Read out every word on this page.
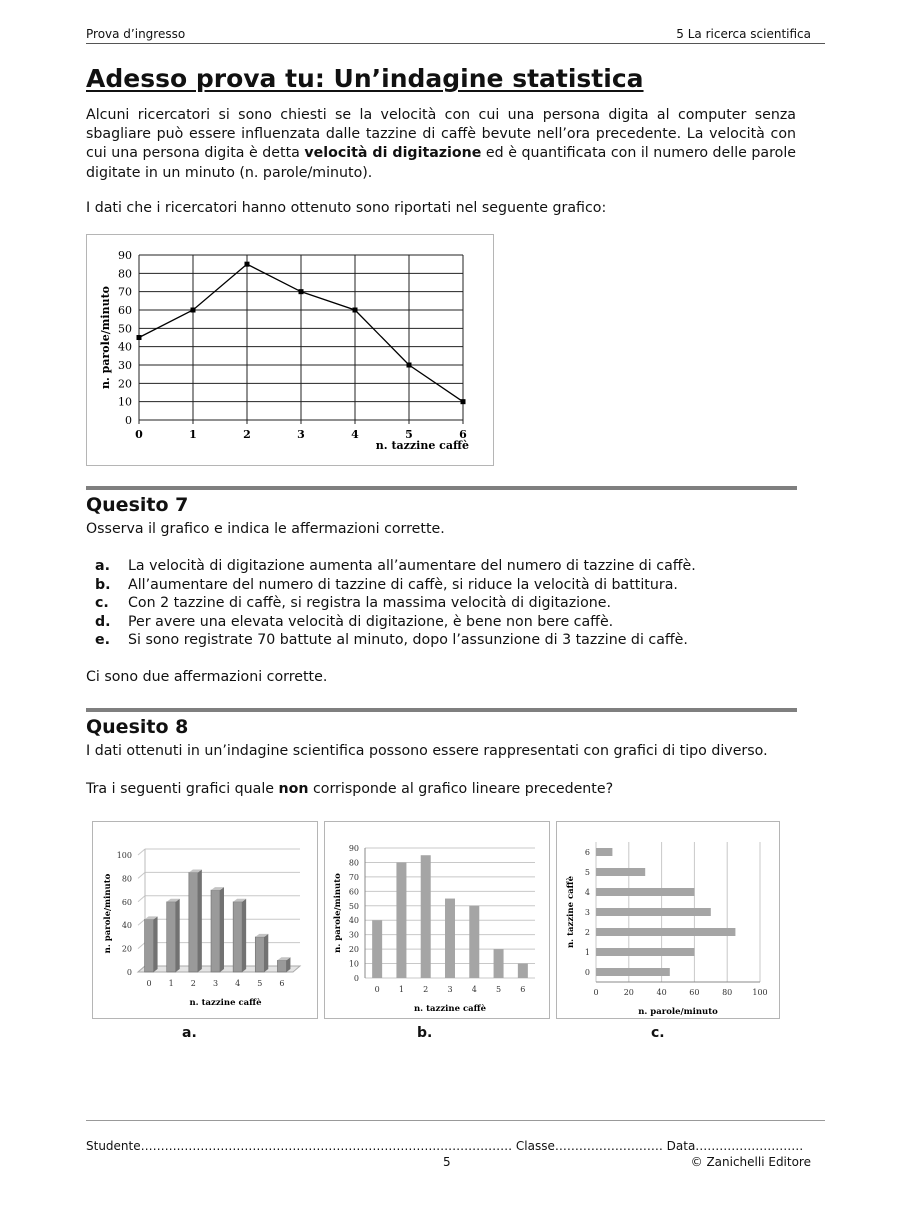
Prova d’ingresso	5 La ricerca scientifica
Adesso prova tu: Un’indagine statistica
Alcuni ricercatori si sono chiesti se la velocità con cui una persona digita al computer senza sbagliare può essere influenzata dalle tazzine di caffè bevute nell’ora precedente. La velocità con cui una persona digita è detta velocità di digitazione ed è quantificata con il numero delle parole digitate in un minuto (n. parole/minuto).
I dati che i ricercatori hanno ottenuto sono riportati nel seguente grafico:
0
10
20
30
40
50
60
70
80
90
0	1	2	3	4	5	6
n. tazzine caffè
n. parole/minuto
Quesito 7
Osserva il grafico e indica le affermazioni corrette.
a.	La velocità di digitazione aumenta all’aumentare del numero di tazzine di caffè.
b.	All’aumentare del numero di tazzine di caffè, si riduce la velocità di battitura.
c.	Con 2 tazzine di caffè, si registra la massima velocità di digitazione.
d.	Per avere una elevata velocità di digitazione, è bene non bere caffè.
e.	Si sono registrate 70 battute al minuto, dopo l’assunzione di 3 tazzine di caffè.
Ci sono due affermazioni corrette.
Quesito 8
I dati ottenuti in un’indagine scientifica possono essere rappresentati con grafici di tipo diverso.
Tra i seguenti grafici quale non corrisponde al grafico lineare precedente?
0
20
40
60
80
100
0 1 2 3 4 5 6
n. tazzine caffè
n. parole/minuto
0
10
20
30
40
50
60
70
80
90
0 1 2 3 4 5 6
n. tazzine caffè
n. parole/minuto
0	20	40	60	80	100
0
1
2
3
4
5
6
n. parole/minuto
n. tazzine caffè
a.	b.	c.
Studente……….………………………………………………………..……………… Classe……………………… Data………………………
5	© Zanichelli Editore
